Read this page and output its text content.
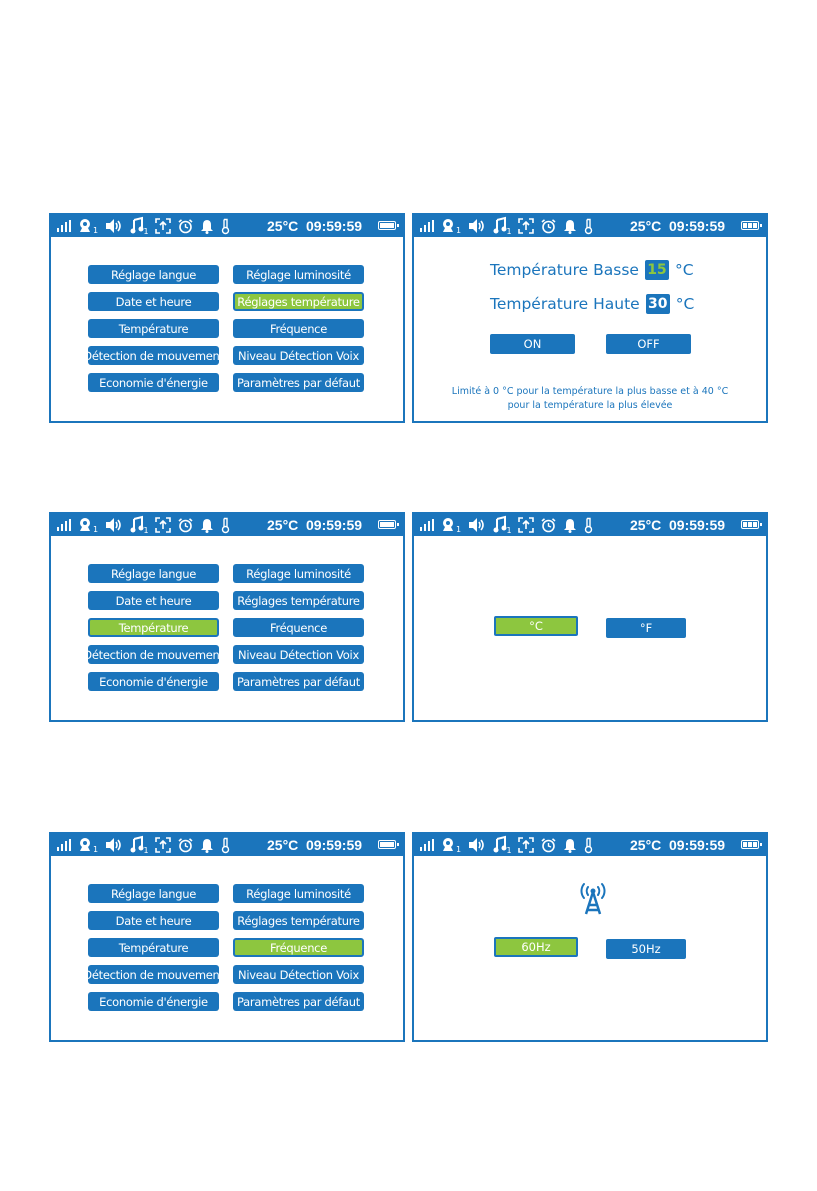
1	1	25°C 09:59:59
Réglage langue	Réglage luminosité
Date et heure	Réglages température
Température	Fréquence
Détection de mouvement	Niveau Détection Voix
Economie d'énergie	Paramètres par défaut
1	1	25°C 09:59:59
Température Basse 15 °C
Température Haute 30 °C
ON	OFF
Limité à 0 °C pour la température la plus basse et à 40 °C
pour la température la plus élevée
1	1	25°C 09:59:59
Réglage langue	Réglage luminosité
Date et heure	Réglages température
Température	Fréquence
Détection de mouvement	Niveau Détection Voix
Economie d'énergie	Paramètres par défaut
1	1	25°C 09:59:59
°C	°F
1	1	25°C 09:59:59
Réglage langue	Réglage luminosité
Date et heure	Réglages température
Température	Fréquence
Détection de mouvement	Niveau Détection Voix
Economie d'énergie	Paramètres par défaut
1	1	25°C 09:59:59
60Hz	50Hz
